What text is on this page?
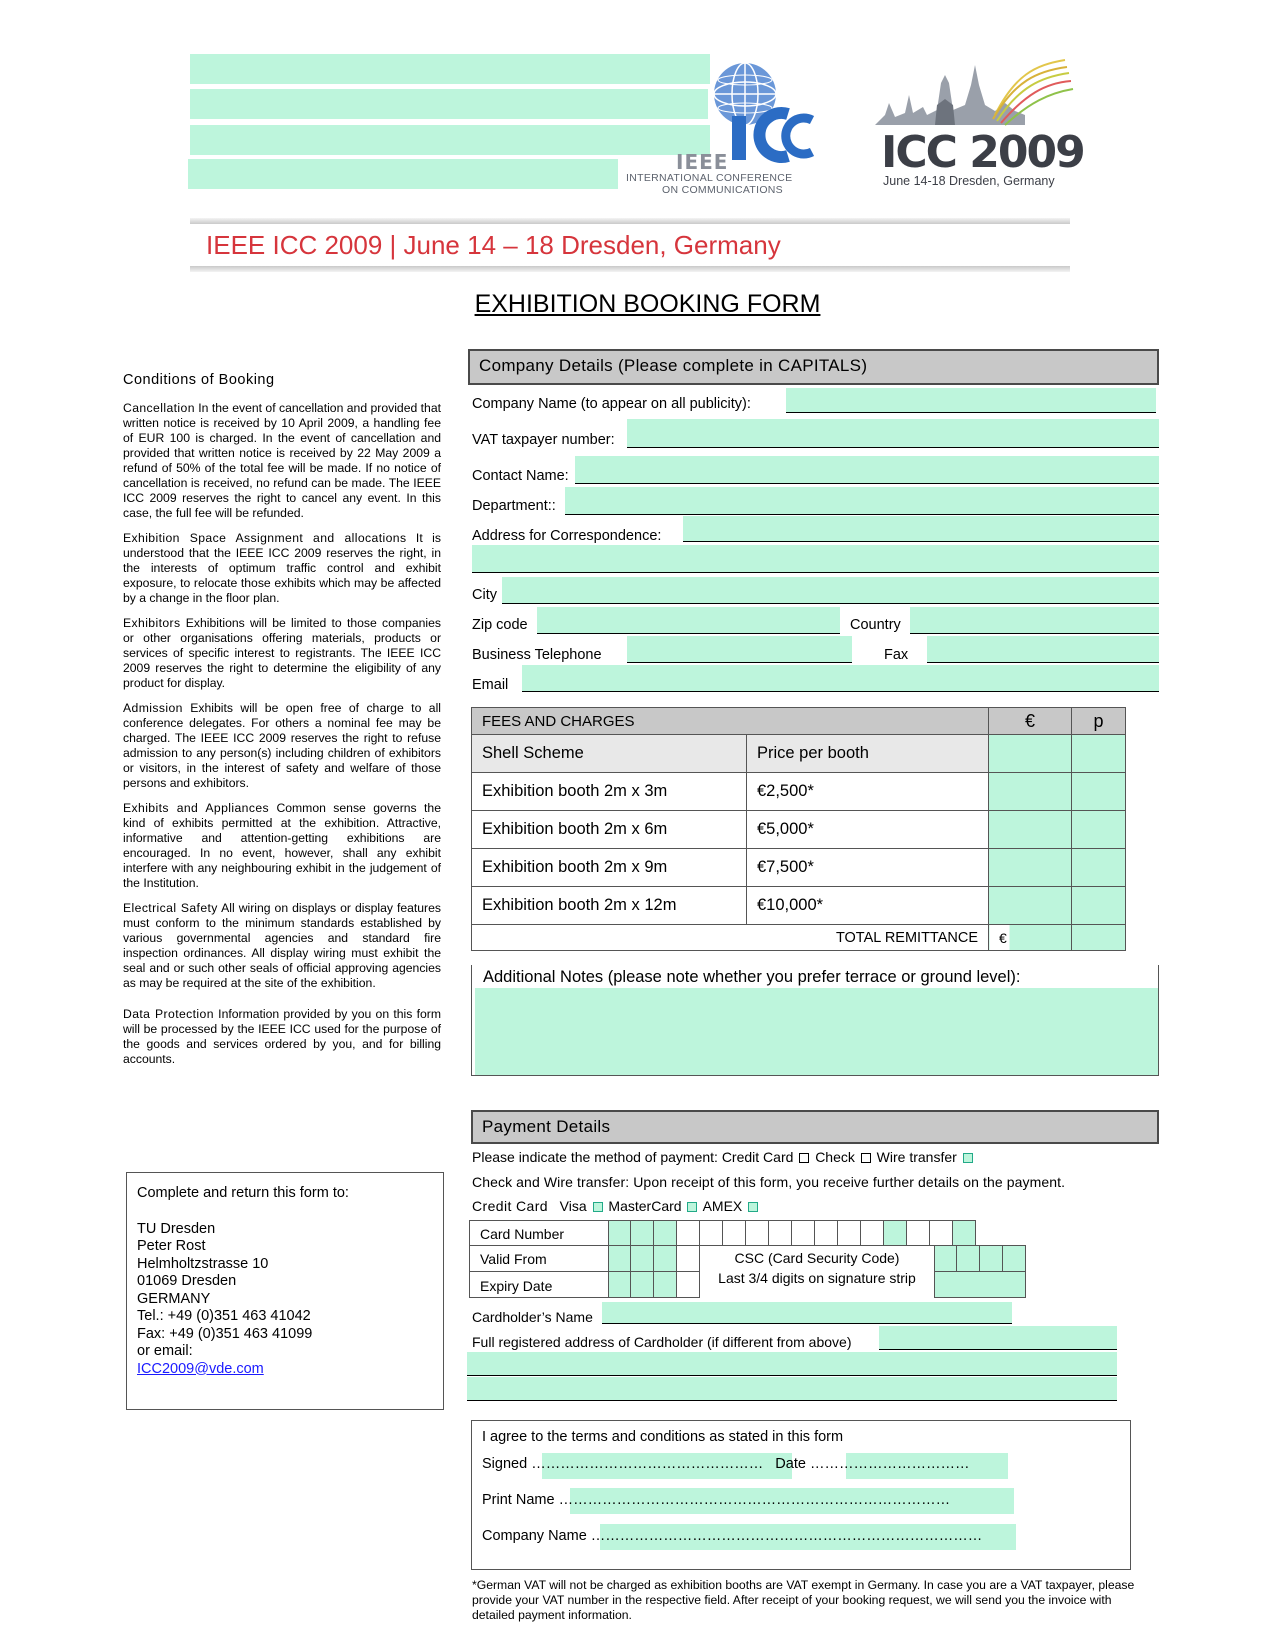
IEEE
INTERNATIONAL CONFERENCE
ON COMMUNICATIONS
ICC 2009
June 14-18 Dresden, Germany
IEEE ICC 2009 | June 14 – 18 Dresden, Germany
EXHIBITION BOOKING FORM
Conditions of Booking

Cancellation In the event of cancellation and provided that written notice is received by 10 April 2009, a handling fee of EUR 100 is charged. In the event of cancellation and provided that written notice is received by 22 May 2009 a refund of 50% of the total fee will be made. If no notice of cancellation is received, no refund can be made. The IEEE ICC 2009 reserves the right to cancel any event. In this case, the full fee will be refunded.

Exhibition Space Assignment and allocations It is understood that the IEEE ICC 2009 reserves the right, in the interests of optimum traffic control and exhibit exposure, to relocate those exhibits which may be affected by a change in the floor plan.

Exhibitors Exhibitions will be limited to those companies or other organisations offering materials, products or services of specific interest to registrants. The IEEE ICC 2009 reserves the right to determine the eligibility of any product for display.

Admission Exhibits will be open free of charge to all conference delegates. For others a nominal fee may be charged. The IEEE ICC 2009 reserves the right to refuse admission to any person(s) including children of exhibitors or visitors, in the interest of safety and welfare of those persons and exhibitors.

Exhibits and Appliances Common sense governs the kind of exhibits permitted at the exhibition. Attractive, informative and attention-getting exhibitions are encouraged. In no event, however, shall any exhibit interfere with any neighbouring exhibit in the judgement of the Institution.

Electrical Safety All wiring on displays or display features must conform to the minimum standards established by various governmental agencies and standard fire inspection ordinances. All display wiring must exhibit the seal and or such other seals of official approving agencies as may be required at the site of the exhibition.

Data Protection Information provided by you on this form will be processed by the IEEE ICC used for the purpose of the goods and services ordered by you, and for billing accounts.

Complete and return this form to:
TU Dresden
Peter Rost
Helmholtzstrasse 10
01069 Dresden
GERMANY
Tel.: +49 (0)351 463 41042
Fax: +49 (0)351 463 41099
or email:
ICC2009@vde.com
Company Details (Please complete in CAPITALS)
Company Name (to appear on all publicity):
VAT taxpayer number:
Contact Name:
Department::
Address for Correspondence:
City
Zip code	Country
Business Telephone	Fax
Email
FEES AND CHARGES		€	p
Shell Scheme	Price per booth		
Exhibition booth 2m x 3m	€2,500*		
Exhibition booth 2m x 6m	€5,000*		
Exhibition booth 2m x 9m	€7,500*		
Exhibition booth 2m x 12m	€10,000*		
TOTAL REMITTANCE		€	
Additional Notes (please note whether you prefer terrace or ground level):
Payment Details
Please indicate the method of payment: Credit Card Check Wire transfer
Check and Wire transfer: Upon receipt of this form, you receive further details on the payment.
Credit Card Visa MasterCard AMEX
Card Number
Valid From
Expiry Date
CSC (Card Security Code)
Last 3/4 digits on signature strip
Cardholder’s Name
Full registered address of Cardholder (if different from above)
I agree to the terms and conditions as stated in this form
Signed ………………………………………… Date ……………………………
Print Name ………………………………………………………………………
Company Name ………………………………………………………………………
*German VAT will not be charged as exhibition booths are VAT exempt in Germany. In case you are a VAT taxpayer, please provide your VAT number in the respective field. After receipt of your booking request, we will send you the invoice with detailed payment information.
